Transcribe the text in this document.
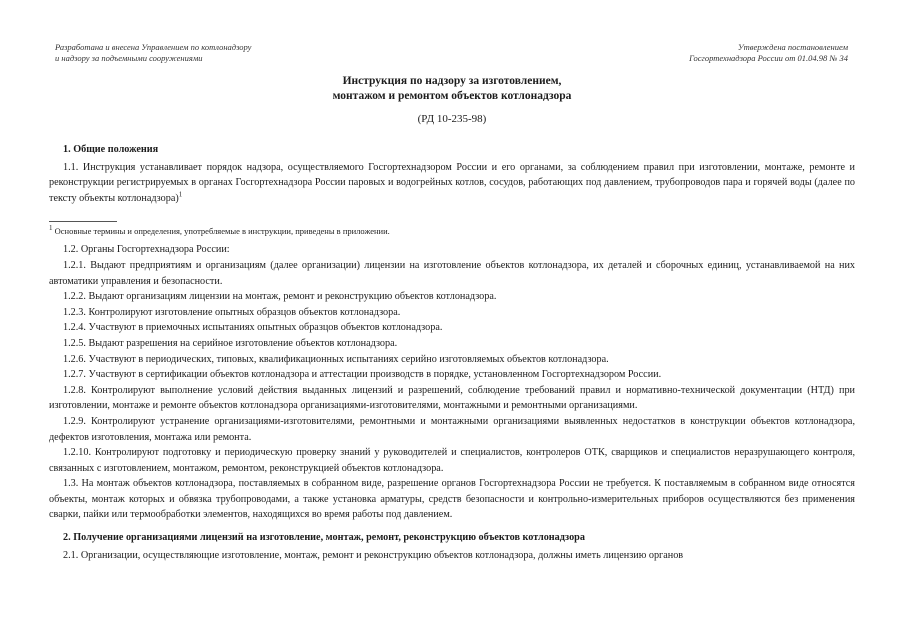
Разработана и внесена Управлением по котлонадзору
и надзору за подъемными сооружениями
Утверждена постановлением
Госгортехнадзора России от 01.04.98 № 34
Инструкция по надзору за изготовлением,
монтажом и ремонтом объектов котлонадзора
(РД 10-235-98)

1. Общие положения

1.1. Инструкция устанавливает порядок надзора, осуществляемого Госгортехнадзором России и его органами, за соблюдением правил при изготовлении, монтаже, ремонте и реконструкции регистрируемых в органах Госгортехнадзора России паровых и водогрейных котлов, сосудов, работающих под давлением, трубопроводов пара и горячей воды (далее по тексту объекты котлонадзора)$^1$

$^1$ Основные термины и определения, употребляемые в инструкции, приведены в приложении.

1.2. Органы Госгортехнадзора России:

1.2.1. Выдают предприятиям и организациям (далее организации) лицензии на изготовление объектов котлонадзора, их деталей и сборочных единиц, устанавливаемой на них автоматики управления и безопасности.

1.2.2. Выдают организациям лицензии на монтаж, ремонт и реконструкцию объектов котлонадзора.

1.2.3. Контролируют изготовление опытных образцов объектов котлонадзора.

1.2.4. Участвуют в приемочных испытаниях опытных образцов объектов котлонадзора.

1.2.5. Выдают разрешения на серийное изготовление объектов котлонадзора.

1.2.6. Участвуют в периодических, типовых, квалификационных испытаниях серийно изготовляемых объектов котлонадзора.

1.2.7. Участвуют в сертификации объектов котлонадзора и аттестации производств в порядке, установленном Госгортехнадзором России.

1.2.8. Контролируют выполнение условий действия выданных лицензий и разрешений, соблюдение требований правил и нормативно-технической документации (НТД) при изготовлении, монтаже и ремонте объектов котлонадзора организациями-изготовителями, монтажными и ремонтными организациями.

1.2.9. Контролируют устранение организациями-изготовителями, ремонтными и монтажными организациями выявленных недостатков в конструкции объектов котлонадзора, дефектов изготовления, монтажа или ремонта.

1.2.10. Контролируют подготовку и периодическую проверку знаний у руководителей и специалистов, контролеров ОТК, сварщиков и специалистов неразрушающего контроля, связанных с изготовлением, монтажом, ремонтом, реконструкцией объектов котлонадзора.

1.3. На монтаж объектов котлонадзора, поставляемых в собранном виде, разрешение органов Госгортехнадзора России не требуется. К поставляемым в собранном виде относятся объекты, монтаж которых и обвязка трубопроводами, а также установка арматуры, средств безопасности и контрольно-измерительных приборов осуществляются без применения сварки, пайки или термообработки элементов, находящихся во время работы под давлением.

2. Получение организациями лицензий на изготовление, монтаж, ремонт, реконструкцию объектов котлонадзора

2.1. Организации, осуществляющие изготовление, монтаж, ремонт и реконструкцию объектов котлонадзора, должны иметь лицензию органов
